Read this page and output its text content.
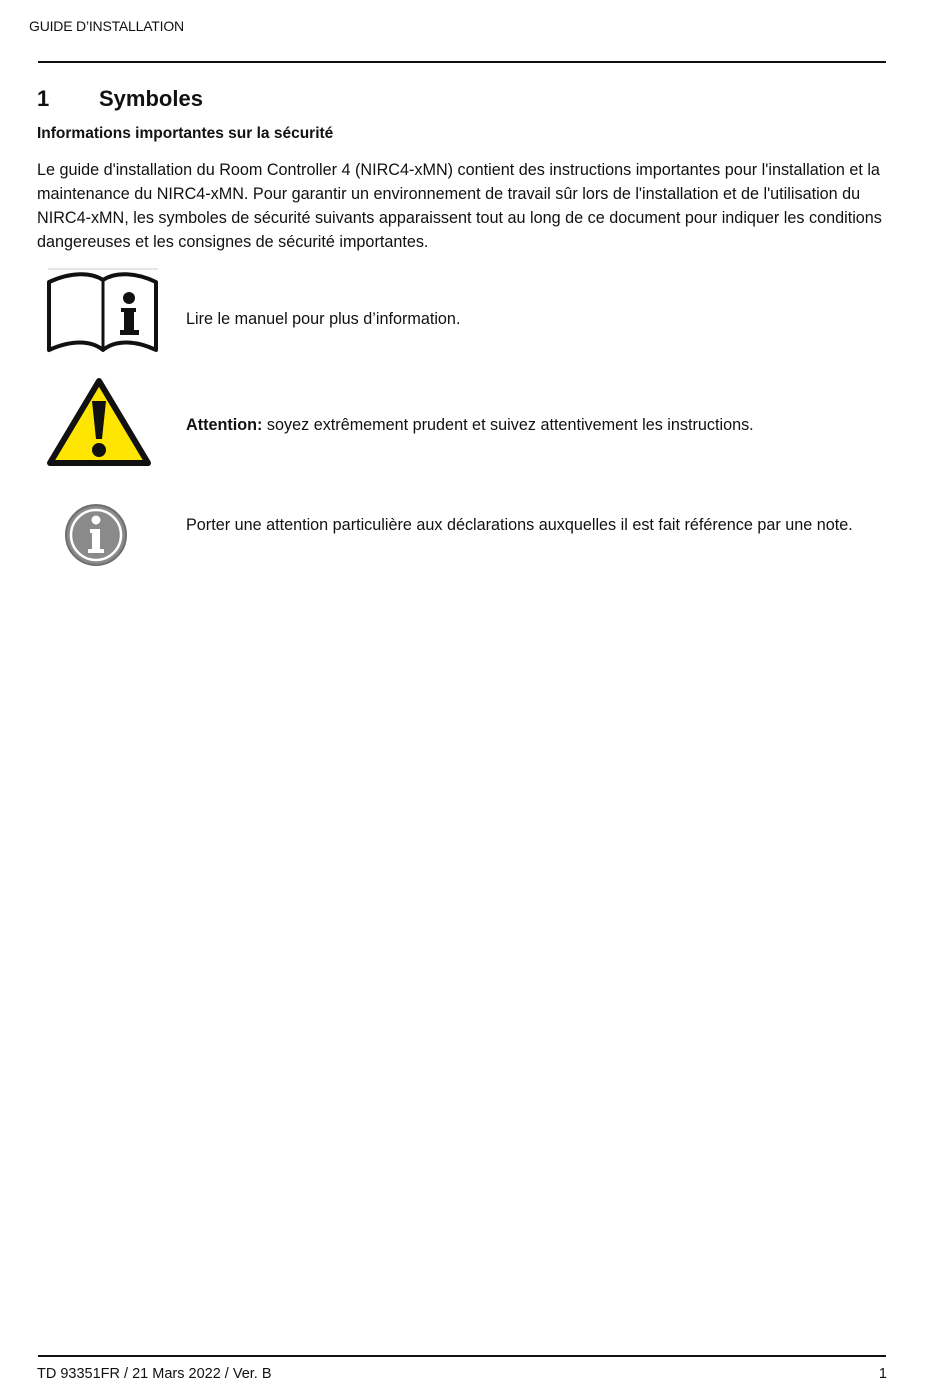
GUIDE D’INSTALLATION
1 Symboles
Informations importantes sur la sécurité

Le guide d'installation du Room Controller 4 (NIRC4-xMN) contient des instructions importantes pour l'installation et la maintenance du NIRC4-xMN. Pour garantir un environnement de travail sûr lors de l'installation et de l'utilisation du NIRC4-xMN, les symboles de sécurité suivants apparaissent tout au long de ce document pour indiquer les conditions dangereuses et les consignes de sécurité importantes.

Lire le manuel pour plus d’information.

Attention: soyez extrêmement prudent et suivez attentivement les instructions.

Porter une attention particulière aux déclarations auxquelles il est fait référence par une note.

TD 93351FR / 21 Mars 2022 / Ver. B	1
